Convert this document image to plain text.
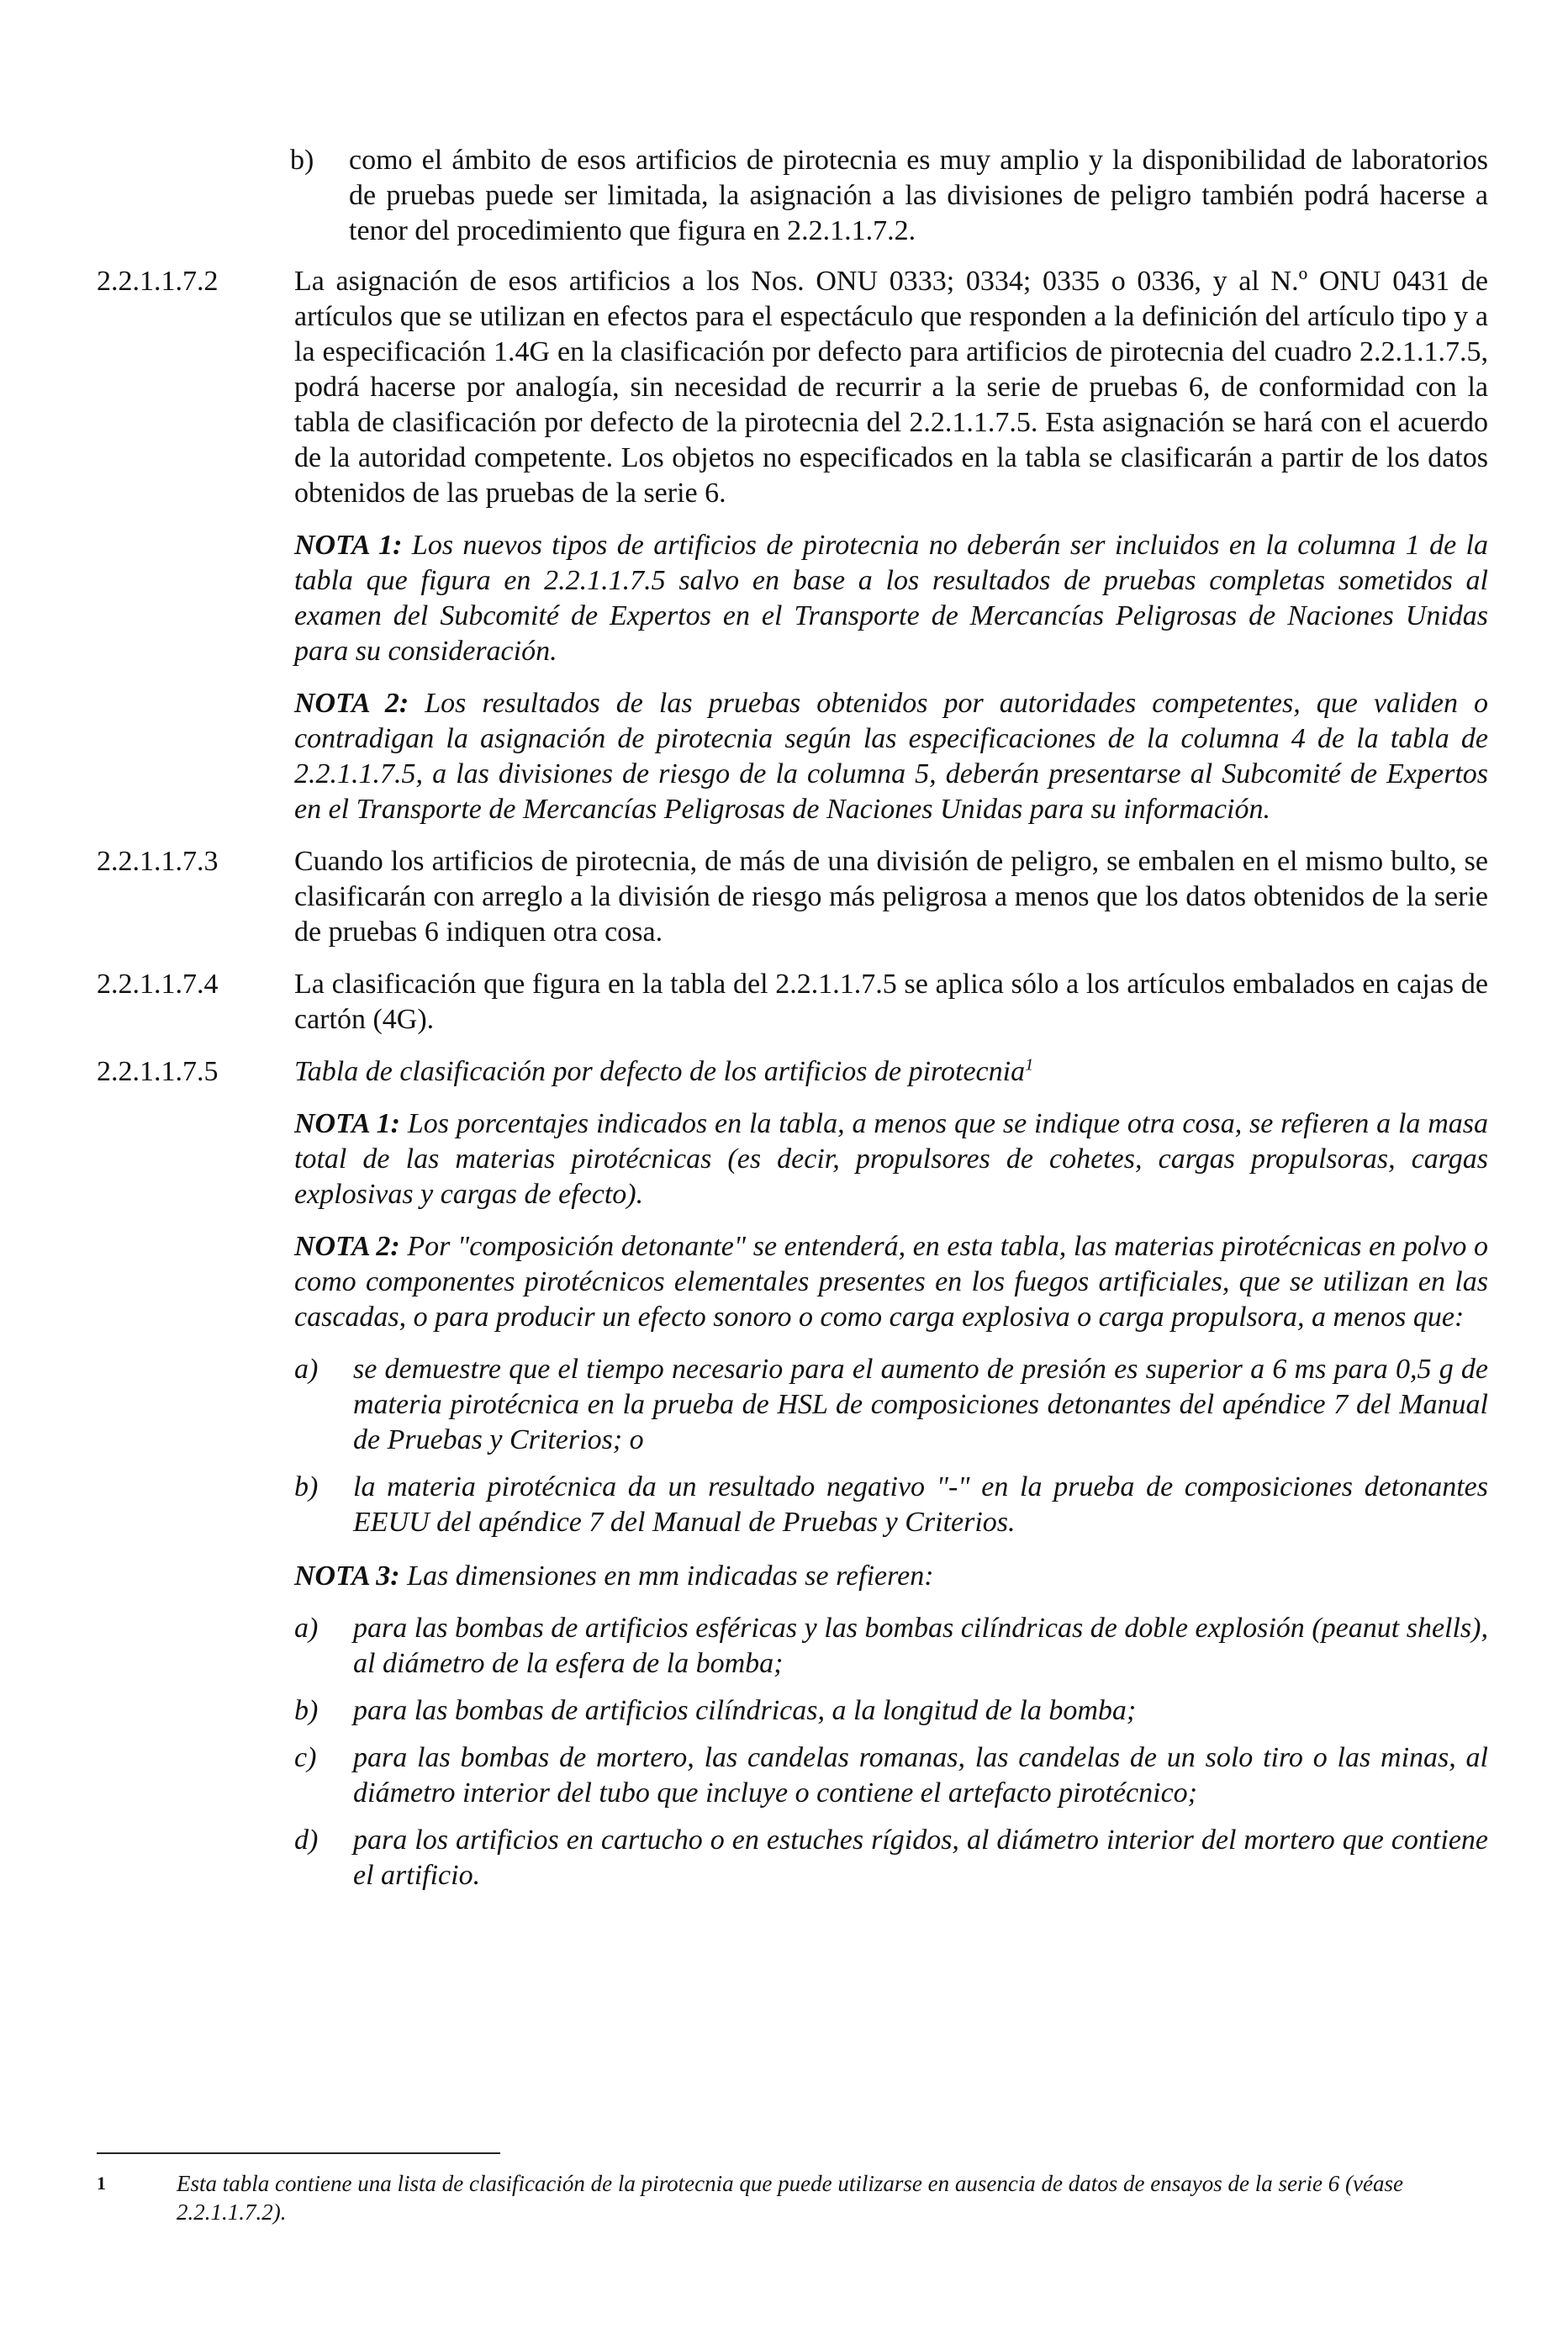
b)	como el ámbito de esos artificios de pirotecnia es muy amplio y la disponibilidad de laboratorios de pruebas puede ser limitada, la asignación a las divisiones de peligro también podrá hacerse a tenor del procedimiento que figura en 2.2.1.1.7.2.
2.2.1.1.7.2	La asignación de esos artificios a los Nos. ONU 0333; 0334; 0335 o 0336, y al N.º ONU 0431 de artículos que se utilizan en efectos para el espectáculo que responden a la definición del artículo tipo y a la especificación 1.4G en la clasificación por defecto para artificios de pirotecnia del cuadro 2.2.1.1.7.5, podrá hacerse por analogía, sin necesidad de recurrir a la serie de pruebas 6, de conformidad con la tabla de clasificación por defecto de la pirotecnia del 2.2.1.1.7.5. Esta asignación se hará con el acuerdo de la autoridad competente. Los objetos no especificados en la tabla se clasificarán a partir de los datos obtenidos de las pruebas de la serie 6.
NOTA 1: Los nuevos tipos de artificios de pirotecnia no deberán ser incluidos en la columna 1 de la tabla que figura en 2.2.1.1.7.5 salvo en base a los resultados de pruebas completas sometidos al examen del Subcomité de Expertos en el Transporte de Mercancías Peligrosas de Naciones Unidas para su consideración.
NOTA 2: Los resultados de las pruebas obtenidos por autoridades competentes, que validen o contradigan la asignación de pirotecnia según las especificaciones de la columna 4 de la tabla de 2.2.1.1.7.5, a las divisiones de riesgo de la columna 5, deberán presentarse al Subcomité de Expertos en el Transporte de Mercancías Peligrosas de Naciones Unidas para su información.
2.2.1.1.7.3	Cuando los artificios de pirotecnia, de más de una división de peligro, se embalen en el mismo bulto, se clasificarán con arreglo a la división de riesgo más peligrosa a menos que los datos obtenidos de la serie de pruebas 6 indiquen otra cosa.
2.2.1.1.7.4	La clasificación que figura en la tabla del 2.2.1.1.7.5 se aplica sólo a los artículos embalados en cajas de cartón (4G).
2.2.1.1.7.5	Tabla de clasificación por defecto de los artificios de pirotecnia$^1$
NOTA 1: Los porcentajes indicados en la tabla, a menos que se indique otra cosa, se refieren a la masa total de las materias pirotécnicas (es decir, propulsores de cohetes, cargas propulsoras, cargas explosivas y cargas de efecto).
NOTA 2: Por "composición detonante" se entenderá, en esta tabla, las materias pirotécnicas en polvo o como componentes pirotécnicos elementales presentes en los fuegos artificiales, que se utilizan en las cascadas, o para producir un efecto sonoro o como carga explosiva o carga propulsora, a menos que:
a)	se demuestre que el tiempo necesario para el aumento de presión es superior a 6 ms para 0,5 g de materia pirotécnica en la prueba de HSL de composiciones detonantes del apéndice 7 del Manual de Pruebas y Criterios; o
b)	la materia pirotécnica da un resultado negativo "-" en la prueba de composiciones detonantes EEUU del apéndice 7 del Manual de Pruebas y Criterios.
NOTA 3: Las dimensiones en mm indicadas se refieren:
a)	para las bombas de artificios esféricas y las bombas cilíndricas de doble explosión (peanut shells), al diámetro de la esfera de la bomba;
b)	para las bombas de artificios cilíndricas, a la longitud de la bomba;
c)	para las bombas de mortero, las candelas romanas, las candelas de un solo tiro o las minas, al diámetro interior del tubo que incluye o contiene el artefacto pirotécnico;
d)	para los artificios en cartucho o en estuches rígidos, al diámetro interior del mortero que contiene el artificio.
1	Esta tabla contiene una lista de clasificación de la pirotecnia que puede utilizarse en ausencia de datos de ensayos de la serie 6 (véase 2.2.1.1.7.2).
